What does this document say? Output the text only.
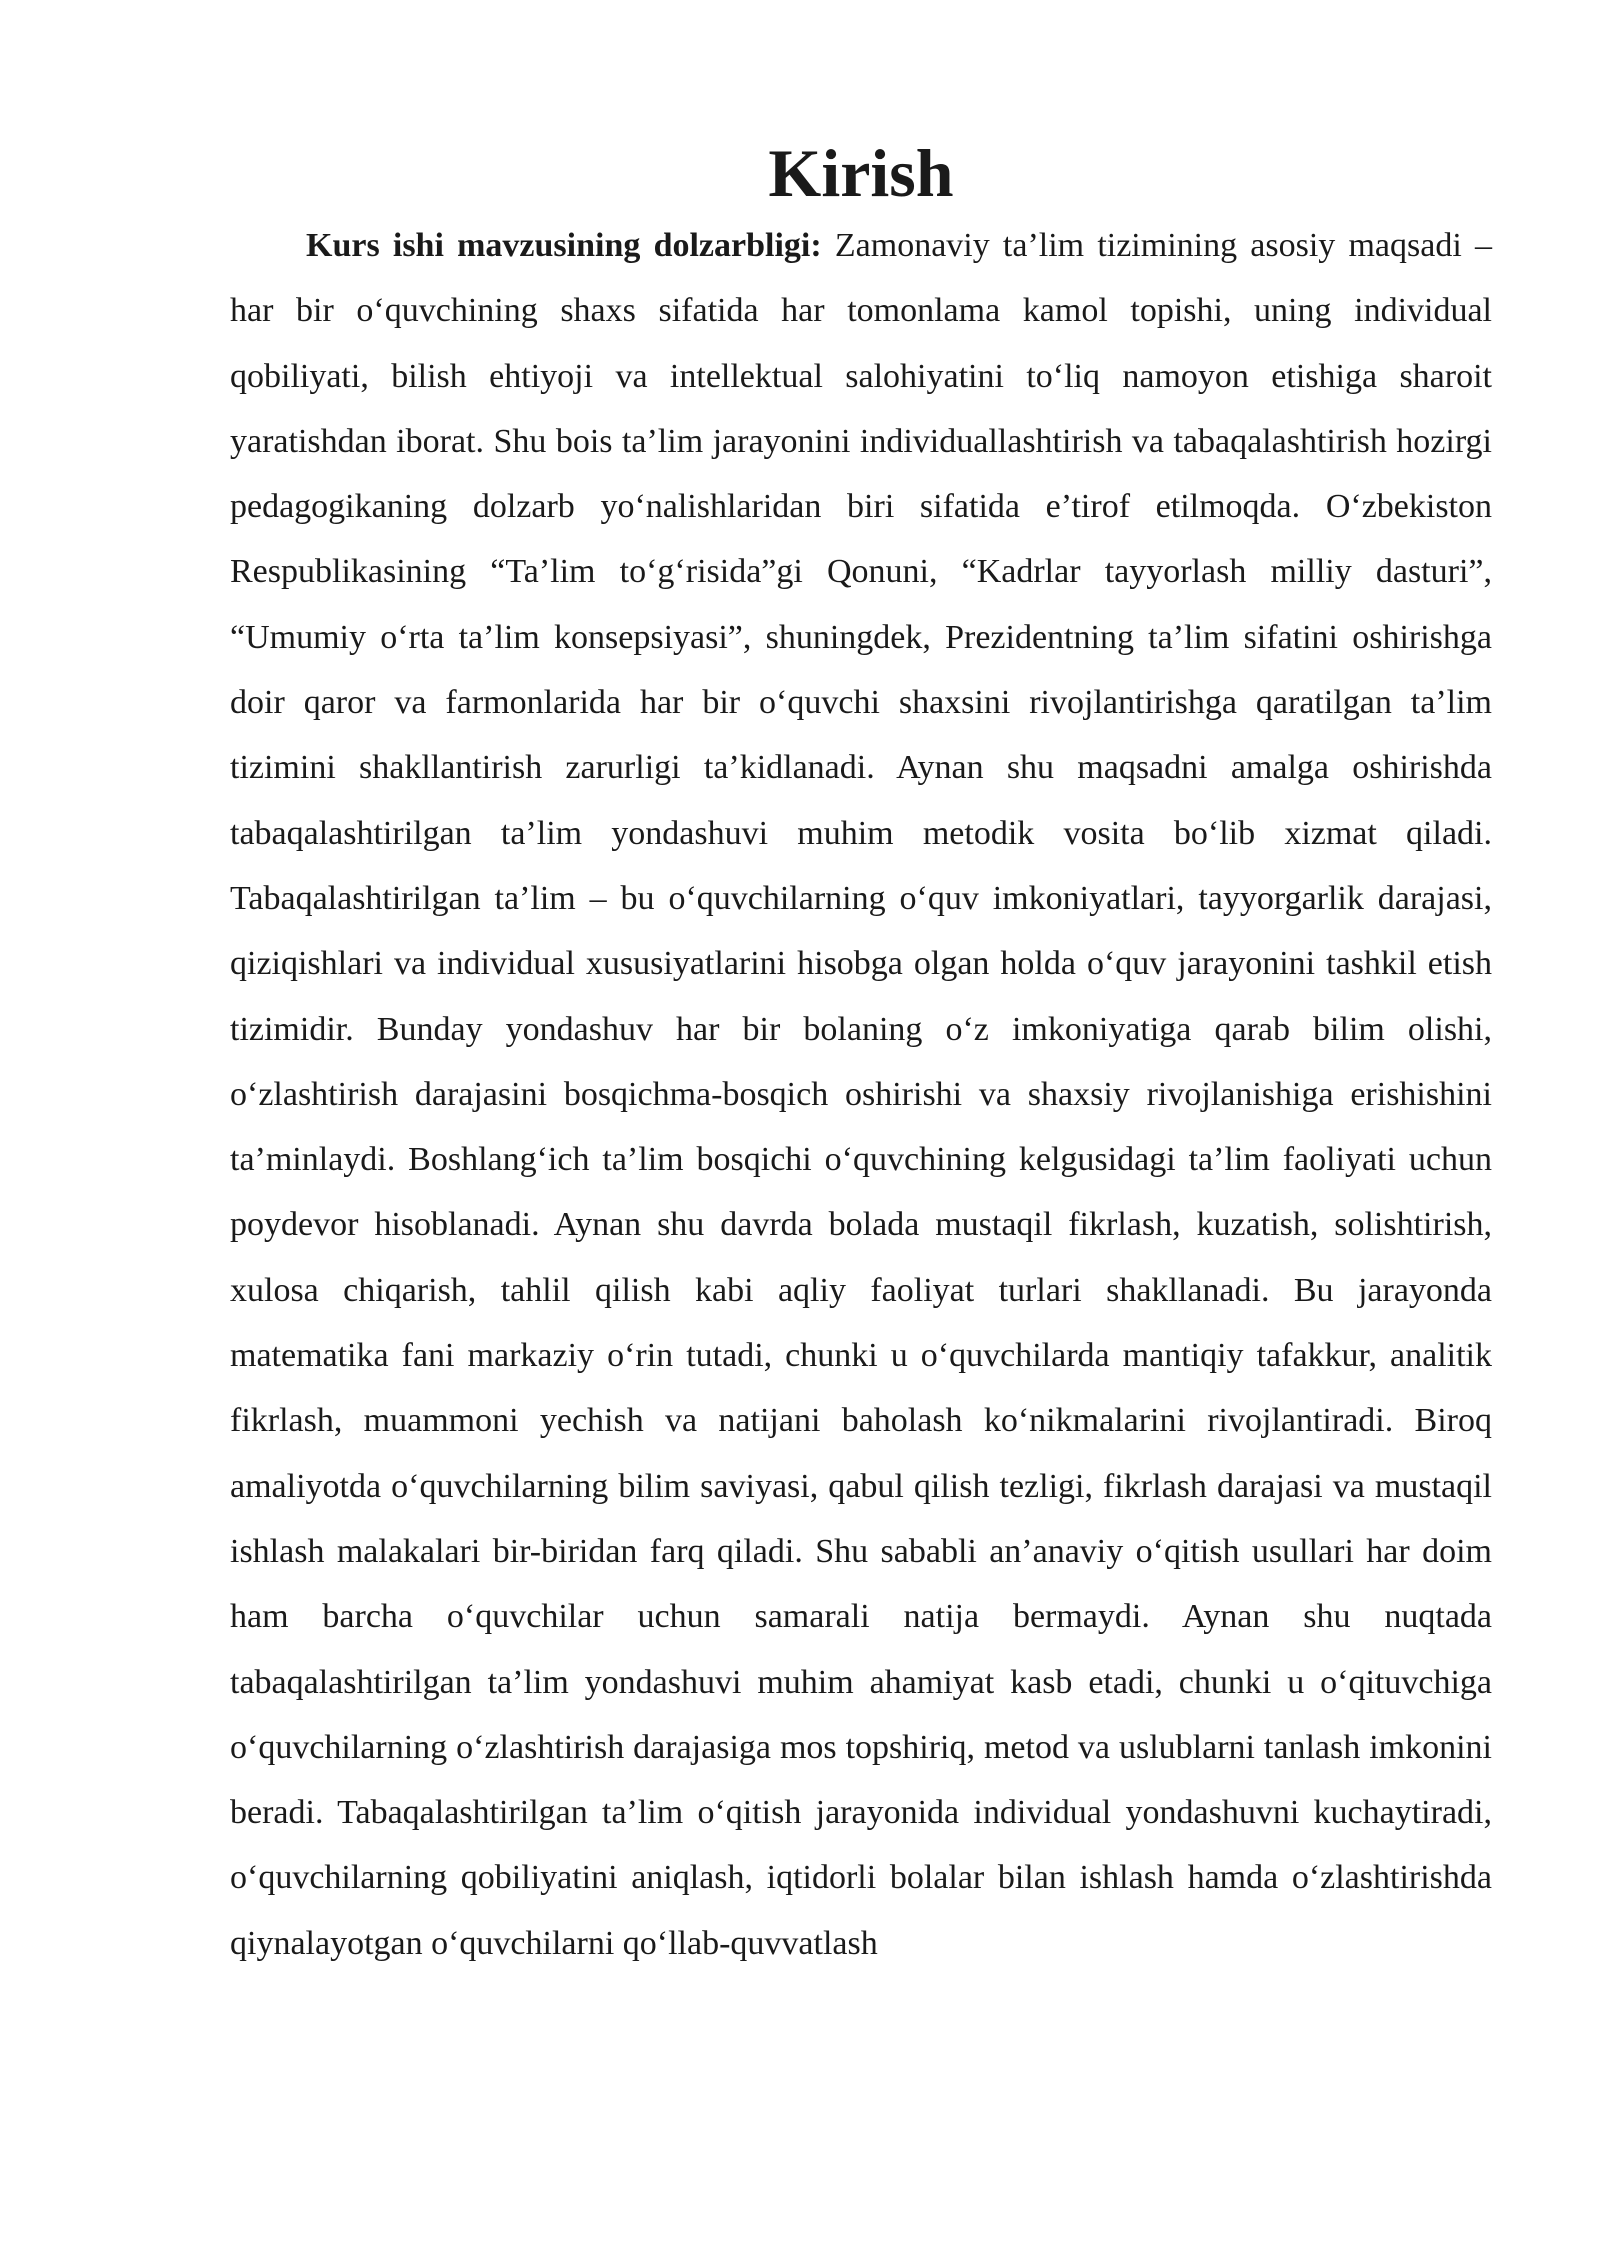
Kirish

Kurs ishi mavzusining dolzarbligi: Zamonaviy ta’lim tizimining asosiy maqsadi – har bir o‘quvchining shaxs sifatida har tomonlama kamol topishi, uning individual qobiliyati, bilish ehtiyoji va intellektual salohiyatini to‘liq namoyon etishiga sharoit yaratishdan iborat. Shu bois ta’lim jarayonini individuallashtirish va tabaqalashtirish hozirgi pedagogikaning dolzarb yo‘nalishlaridan biri sifatida e’tirof etilmoqda. O‘zbekiston Respublikasining “Ta’lim to‘g‘risida”gi Qonuni, “Kadrlar tayyorlash milliy dasturi”, “Umumiy o‘rta ta’lim konsepsiyasi”, shuningdek, Prezidentning ta’lim sifatini oshirishga doir qaror va farmonlarida har bir o‘quvchi shaxsini rivojlantirishga qaratilgan ta’lim tizimini shakllantirish zarurligi ta’kidlanadi. Aynan shu maqsadni amalga oshirishda tabaqalashtirilgan ta’lim yondashuvi muhim metodik vosita bo‘lib xizmat qiladi. Tabaqalashtirilgan ta’lim – bu o‘quvchilarning o‘quv imkoniyatlari, tayyorgarlik darajasi, qiziqishlari va individual xususiyatlarini hisobga olgan holda o‘quv jarayonini tashkil etish tizimidir. Bunday yondashuv har bir bolaning o‘z imkoniyatiga qarab bilim olishi, o‘zlashtirish darajasini bosqichma-bosqich oshirishi va shaxsiy rivojlanishiga erishishini ta’minlaydi. Boshlang‘ich ta’lim bosqichi o‘quvchining kelgusidagi ta’lim faoliyati uchun poydevor hisoblanadi. Aynan shu davrda bolada mustaqil fikrlash, kuzatish, solishtirish, xulosa chiqarish, tahlil qilish kabi aqliy faoliyat turlari shakllanadi. Bu jarayonda matematika fani markaziy o‘rin tutadi, chunki u o‘quvchilarda mantiqiy tafakkur, analitik fikrlash, muammoni yechish va natijani baholash ko‘nikmalarini rivojlantiradi. Biroq amaliyotda o‘quvchilarning bilim saviyasi, qabul qilish tezligi, fikrlash darajasi va mustaqil ishlash malakalari bir-biridan farq qiladi. Shu sababli an’anaviy o‘qitish usullari har doim ham barcha o‘quvchilar uchun samarali natija bermaydi. Aynan shu nuqtada tabaqalashtirilgan ta’lim yondashuvi muhim ahamiyat kasb etadi, chunki u o‘qituvchiga o‘quvchilarning o‘zlashtirish darajasiga mos topshiriq, metod va uslublarni tanlash imkonini beradi. Tabaqalashtirilgan ta’lim o‘qitish jarayonida individual yondashuvni kuchaytiradi, o‘quvchilarning qobiliyatini aniqlash, iqtidorli bolalar bilan ishlash hamda o‘zlashtirishda qiynalayotgan o‘quvchilarni qo‘llab-quvvatlash
